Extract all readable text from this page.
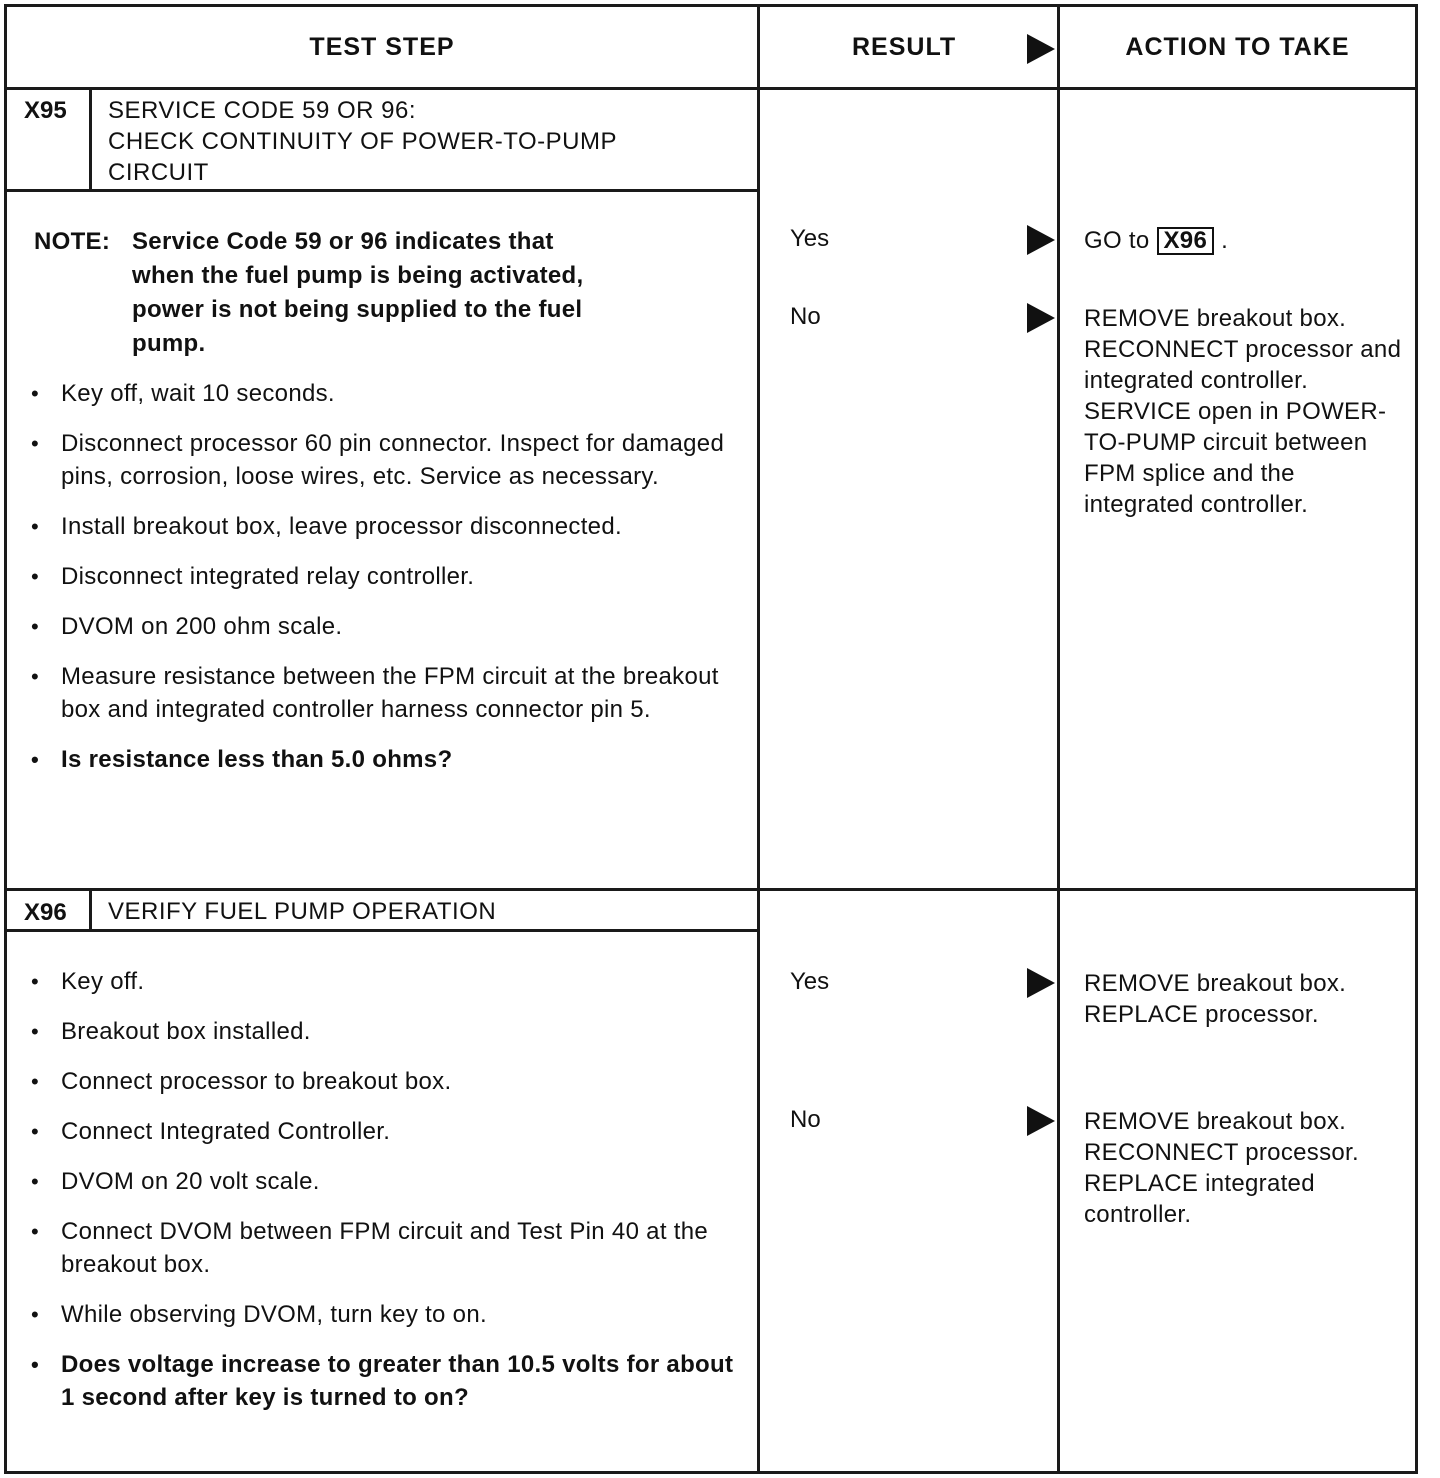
TEST STEP	RESULT	ACTION TO TAKE
X95 SERVICE CODE 59 OR 96:
CHECK CONTINUITY OF POWER-TO-PUMP
CIRCUIT
NOTE: Service Code 59 or 96 indicates that
when the fuel pump is being activated,
power is not being supplied to the fuel
pump.
• Key off, wait 10 seconds.
• Disconnect processor 60 pin connector. Inspect for damaged pins, corrosion, loose wires, etc. Service as necessary.
• Install breakout box, leave processor disconnected.
• Disconnect integrated relay controller.
• DVOM on 200 ohm scale.
• Measure resistance between the FPM circuit at the breakout box and integrated controller harness connector pin 5.
• Is resistance less than 5.0 ohms?
Yes
No
GO to X96 .
REMOVE breakout box. RECONNECT processor and integrated controller. SERVICE open in POWER-TO-PUMP circuit between FPM splice and the integrated controller.
X96 VERIFY FUEL PUMP OPERATION
• Key off.
• Breakout box installed.
• Connect processor to breakout box.
• Connect Integrated Controller.
• DVOM on 20 volt scale.
• Connect DVOM between FPM circuit and Test Pin 40 at the breakout box.
• While observing DVOM, turn key to on.
• Does voltage increase to greater than 10.5 volts for about 1 second after key is turned to on?
Yes
No
REMOVE breakout box. REPLACE processor.
REMOVE breakout box. RECONNECT processor. REPLACE integrated controller.
